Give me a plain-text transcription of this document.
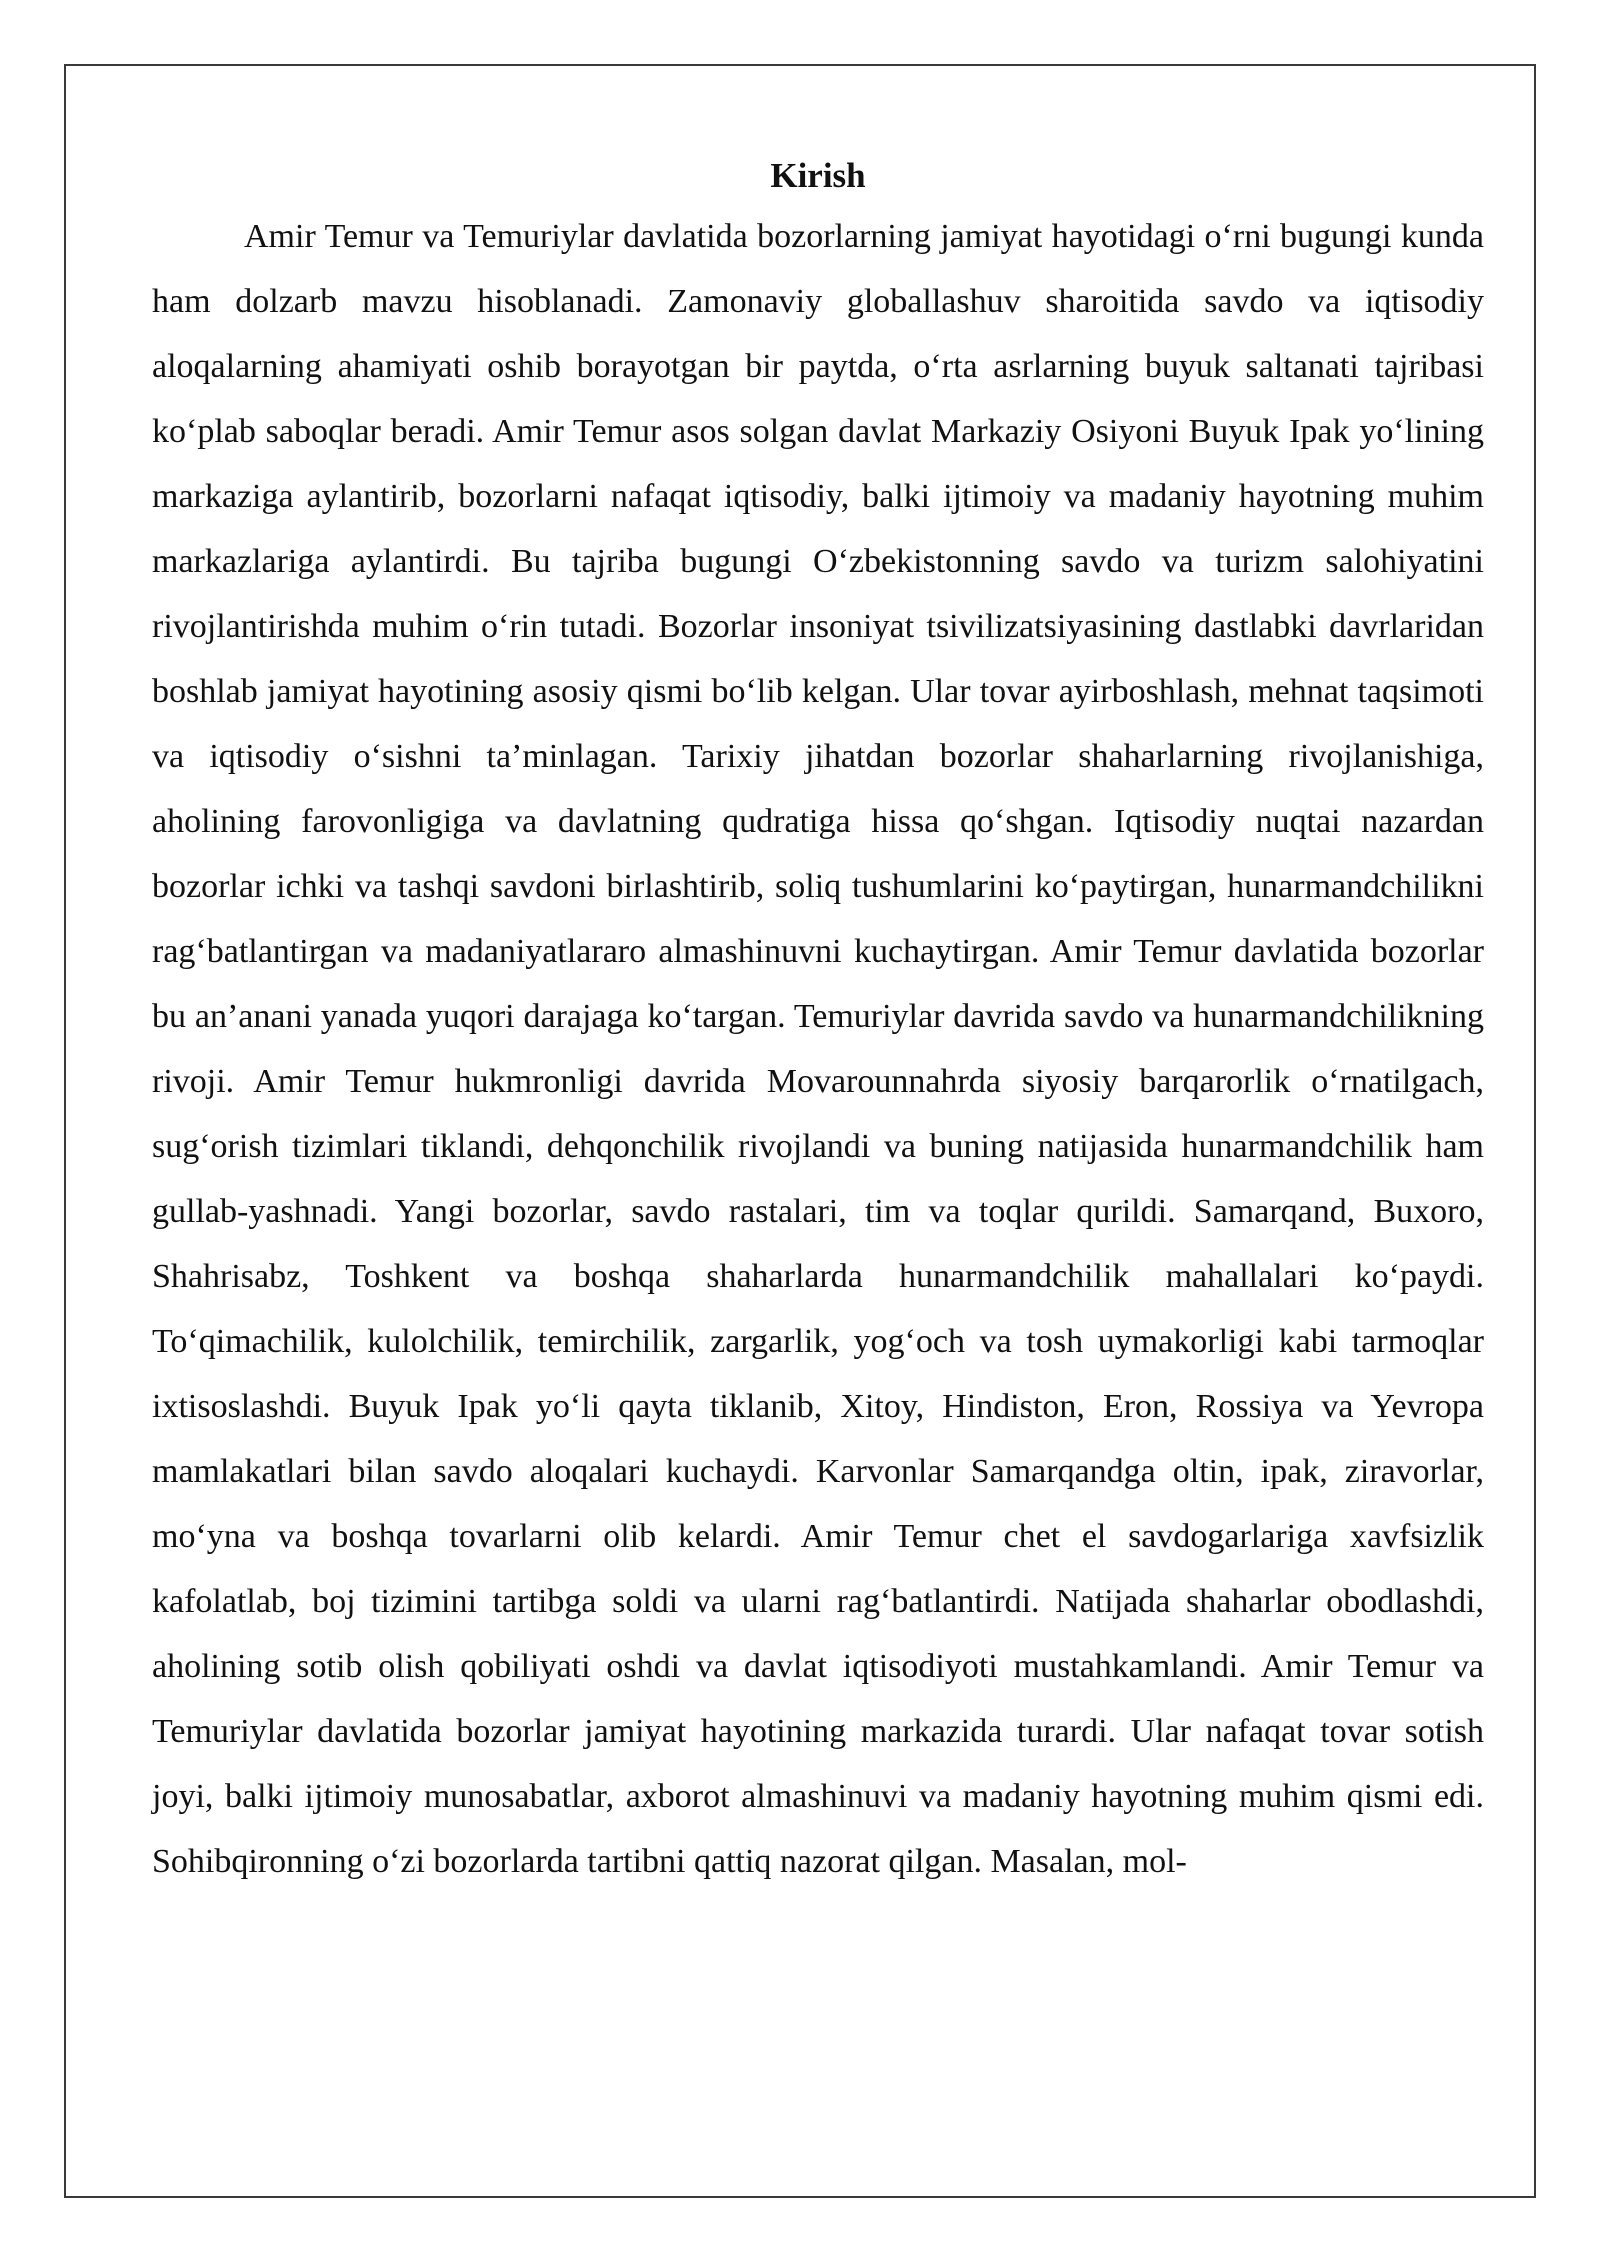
Kirish

Amir Temur va Temuriylar davlatida bozorlarning jamiyat hayotidagi o‘rni bugungi kunda ham dolzarb mavzu hisoblanadi. Zamonaviy globallashuv sharoitida savdo va iqtisodiy aloqalarning ahamiyati oshib borayotgan bir paytda, o‘rta asrlarning buyuk saltanati tajribasi ko‘plab saboqlar beradi. Amir Temur asos solgan davlat Markaziy Osiyoni Buyuk Ipak yo‘lining markaziga aylantirib, bozorlarni nafaqat iqtisodiy, balki ijtimoiy va madaniy hayotning muhim markazlariga aylantirdi. Bu tajriba bugungi O‘zbekistonning savdo va turizm salohiyatini rivojlantirishda muhim o‘rin tutadi. Bozorlar insoniyat tsivilizatsiyasining dastlabki davrlaridan boshlab jamiyat hayotining asosiy qismi bo‘lib kelgan. Ular tovar ayirboshlash, mehnat taqsimoti va iqtisodiy o‘sishni ta’minlagan. Tarixiy jihatdan bozorlar shaharlarning rivojlanishiga, aholining farovonligiga va davlatning qudratiga hissa qo‘shgan. Iqtisodiy nuqtai nazardan bozorlar ichki va tashqi savdoni birlashtirib, soliq tushumlarini ko‘paytirgan, hunarmandchilikni rag‘batlantirgan va madaniyatlararo almashinuvni kuchaytirgan. Amir Temur davlatida bozorlar bu an’anani yanada yuqori darajaga ko‘targan. Temuriylar davrida savdo va hunarmandchilikning rivoji. Amir Temur hukmronligi davrida Movarounnahrda siyosiy barqarorlik o‘rnatilgach, sug‘orish tizimlari tiklandi, dehqonchilik rivojlandi va buning natijasida hunarmandchilik ham gullab-yashnadi. Yangi bozorlar, savdo rastalari, tim va toqlar qurildi. Samarqand, Buxoro, Shahrisabz, Toshkent va boshqa shaharlarda hunarmandchilik mahallalari ko‘paydi. To‘qimachilik, kulolchilik, temirchilik, zargarlik, yog‘och va tosh uymakorligi kabi tarmoqlar ixtisoslashdi. Buyuk Ipak yo‘li qayta tiklanib, Xitoy, Hindiston, Eron, Rossiya va Yevropa mamlakatlari bilan savdo aloqalari kuchaydi. Karvonlar Samarqandga oltin, ipak, ziravorlar, mo‘yna va boshqa tovarlarni olib kelardi. Amir Temur chet el savdogarlariga xavfsizlik kafolatlab, boj tizimini tartibga soldi va ularni rag‘batlantirdi. Natijada shaharlar obodlashdi, aholining sotib olish qobiliyati oshdi va davlat iqtisodiyoti mustahkamlandi. Amir Temur va Temuriylar davlatida bozorlar jamiyat hayotining markazida turardi. Ular nafaqat tovar sotish joyi, balki ijtimoiy munosabatlar, axborot almashinuvi va madaniy hayotning muhim qismi edi. Sohibqironning o‘zi bozorlarda tartibni qattiq nazorat qilgan. Masalan, mol-
